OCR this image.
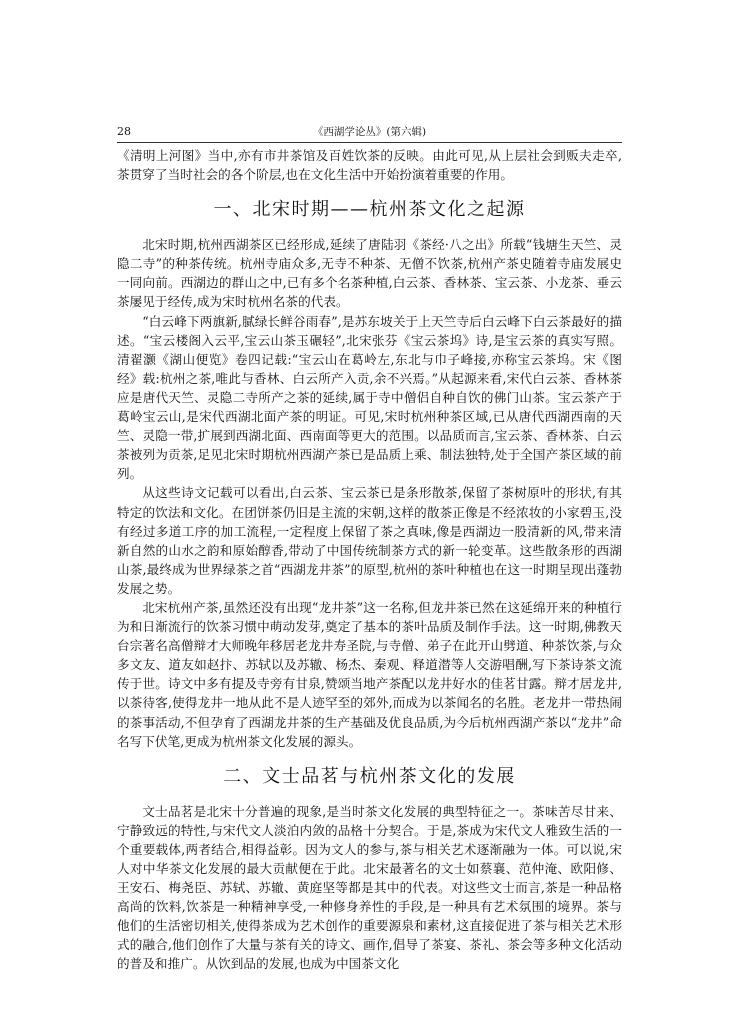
28	《西湖学论丛》(第六辑)

《清明上河图》当中,亦有市井茶馆及百姓饮茶的反映。由此可见,从上层社会到贩夫走卒,茶贯穿了当时社会的各个阶层,也在文化生活中开始扮演着重要的作用。

一、北宋时期——杭州茶文化之起源

北宋时期,杭州西湖茶区已经形成,延续了唐陆羽《茶经·八之出》所载“钱塘生天竺、灵隐二寺”的种茶传统。杭州寺庙众多,无寺不种茶、无僧不饮茶,杭州产茶史随着寺庙发展史一同向前。西湖边的群山之中,已有多个名茶种植,白云茶、香林茶、宝云茶、小龙茶、垂云茶屡见于经传,成为宋时杭州名茶的代表。

“白云峰下两旗新,腻绿长鲜谷雨春”,是苏东坡关于上天竺寺后白云峰下白云茶最好的描述。“宝云楼阁入云平,宝云山茶玉碾轻”,北宋张芬《宝云茶坞》诗,是宝云茶的真实写照。清翟灏《湖山便览》卷四记载:“宝云山在葛岭左,东北与巾子峰接,亦称宝云茶坞。宋《图经》载:杭州之茶,唯此与香林、白云所产入贡,余不兴焉。”从起源来看,宋代白云茶、香林茶应是唐代天竺、灵隐二寺所产之茶的延续,属于寺中僧侣自种自饮的佛门山茶。宝云茶产于葛岭宝云山,是宋代西湖北面产茶的明证。可见,宋时杭州种茶区域,已从唐代西湖西南的天竺、灵隐一带,扩展到西湖北面、西南面等更大的范围。以品质而言,宝云茶、香林茶、白云茶被列为贡茶,足见北宋时期杭州西湖产茶已是品质上乘、制法独特,处于全国产茶区域的前列。

从这些诗文记载可以看出,白云茶、宝云茶已是条形散茶,保留了茶树原叶的形状,有其特定的饮法和文化。在团饼茶仍旧是主流的宋朝,这样的散茶正像是不经浓妆的小家碧玉,没有经过多道工序的加工流程,一定程度上保留了茶之真味,像是西湖边一股清新的风,带来清新自然的山水之韵和原始醇香,带动了中国传统制茶方式的新一轮变革。这些散条形的西湖山茶,最终成为世界绿茶之首“西湖龙井茶”的原型,杭州的茶叶种植也在这一时期呈现出蓬勃发展之势。

北宋杭州产茶,虽然还没有出现“龙井茶”这一名称,但龙井茶已然在这延绵开来的种植行为和日渐流行的饮茶习惯中萌动发芽,奠定了基本的茶叶品质及制作手法。这一时期,佛教天台宗著名高僧辩才大师晚年移居老龙井寿圣院,与寺僧、弟子在此开山劈道、种茶饮茶,与众多文友、道友如赵抃、苏轼以及苏辙、杨杰、秦观、释道潜等人交游唱酬,写下茶诗茶文流传于世。诗文中多有提及寺旁有甘泉,赞颂当地产茶配以龙井好水的佳茗甘露。辩才居龙井,以茶待客,使得龙井一地从此不是人迹罕至的郊外,而成为以茶闻名的名胜。老龙井一带热闹的茶事活动,不但孕育了西湖龙井茶的生产基础及优良品质,为今后杭州西湖产茶以“龙井”命名写下伏笔,更成为杭州茶文化发展的源头。

二、文士品茗与杭州茶文化的发展

文士品茗是北宋十分普遍的现象,是当时茶文化发展的典型特征之一。茶味苦尽甘来、宁静致远的特性,与宋代文人淡泊内敛的品格十分契合。于是,茶成为宋代文人雅致生活的一个重要载体,两者结合,相得益彰。因为文人的参与,茶与相关艺术逐渐融为一体。可以说,宋人对中华茶文化发展的最大贡献便在于此。北宋最著名的文士如蔡襄、范仲淹、欧阳修、王安石、梅尧臣、苏轼、苏辙、黄庭坚等都是其中的代表。对这些文士而言,茶是一种品格高尚的饮料,饮茶是一种精神享受,一种修身养性的手段,是一种具有艺术氛围的境界。茶与他们的生活密切相关,使得茶成为艺术创作的重要源泉和素材,这直接促进了茶与相关艺术形式的融合,他们创作了大量与茶有关的诗文、画作,倡导了茶宴、茶礼、茶会等多种文化活动的普及和推广。从饮到品的发展,也成为中国茶文化
